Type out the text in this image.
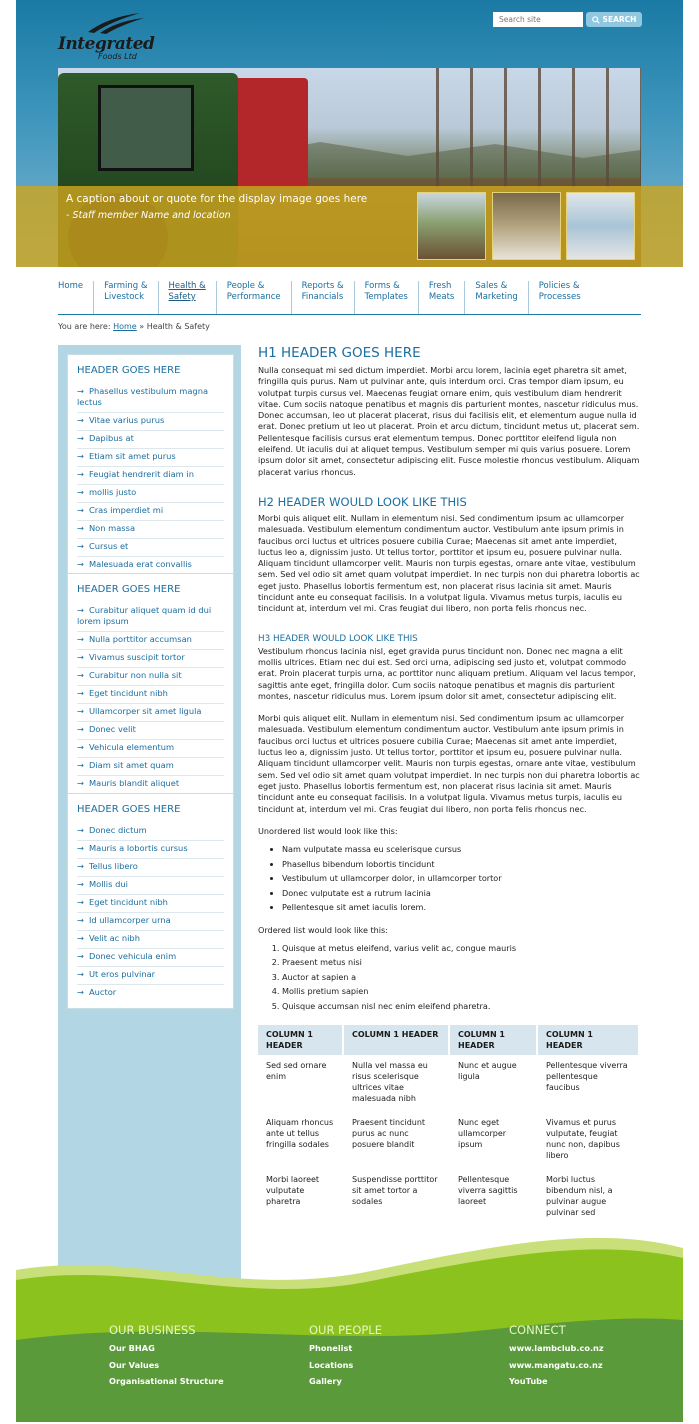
Integrated
Foods Ltd
Search site
SEARCH
A caption about or quote for the display image goes here
- Staff member Name and location
Home	Farming &
Livestock
Health &
Safety
People &
Performance
Reports &
Financials
Forms &
Templates
Fresh
Meats
Sales &
Marketing
Policies &
Processes
You are here: Home » Health & Safety
HEADER GOES HERE
→ Phasellus vestibulum magna lectus
→ Vitae varius purus
→ Dapibus at
→ Etiam sit amet purus
→ Feugiat hendrerit diam in
→ mollis justo
→ Cras imperdiet mi
→ Non massa
→ Cursus et
→ Malesuada erat convallis
HEADER GOES HERE
→ Curabitur aliquet quam id dui lorem ipsum
→ Nulla porttitor accumsan
→ Vivamus suscipit tortor
→ Curabitur non nulla sit
→ Eget tincidunt nibh
→ Ullamcorper sit amet ligula
→ Donec velit
→ Vehicula elementum
→ Diam sit amet quam
→ Mauris blandit aliquet
HEADER GOES HERE
→ Donec dictum
→ Mauris a lobortis cursus
→ Tellus libero
→ Mollis dui
→ Eget tincidunt nibh
→ Id ullamcorper urna
→ Velit ac nibh
→ Donec vehicula enim
→ Ut eros pulvinar
→ Auctor
H1 HEADER GOES HERE

Nulla consequat mi sed dictum imperdiet. Morbi arcu lorem, lacinia eget pharetra sit amet, fringilla quis purus. Nam ut pulvinar ante, quis interdum orci. Cras tempor diam ipsum, eu volutpat turpis cursus vel. Maecenas feugiat ornare enim, quis vestibulum diam hendrerit vitae. Cum sociis natoque penatibus et magnis dis parturient montes, nascetur ridiculus mus. Donec accumsan, leo ut placerat placerat, risus dui facilisis elit, et elementum augue nulla id erat. Donec pretium ut leo ut placerat. Proin et arcu dictum, tincidunt metus ut, placerat sem. Pellentesque facilisis cursus erat elementum tempus. Donec porttitor eleifend ligula non eleifend. Ut iaculis dui at aliquet tempus. Vestibulum semper mi quis varius posuere. Lorem ipsum dolor sit amet, consectetur adipiscing elit. Fusce molestie rhoncus vestibulum. Aliquam placerat varius rhoncus.

H2 HEADER WOULD LOOK LIKE THIS

Morbi quis aliquet elit. Nullam in elementum nisi. Sed condimentum ipsum ac ullamcorper malesuada. Vestibulum elementum condimentum auctor. Vestibulum ante ipsum primis in faucibus orci luctus et ultrices posuere cubilia Curae; Maecenas sit amet ante imperdiet, luctus leo a, dignissim justo. Ut tellus tortor, porttitor et ipsum eu, posuere pulvinar nulla. Aliquam tincidunt ullamcorper velit. Mauris non turpis egestas, ornare ante vitae, vestibulum sem. Sed vel odio sit amet quam volutpat imperdiet. In nec turpis non dui pharetra lobortis ac eget justo. Phasellus lobortis fermentum est, non placerat risus lacinia sit amet. Mauris tincidunt ante eu consequat facilisis. In a volutpat ligula. Vivamus metus turpis, iaculis eu tincidunt at, interdum vel mi. Cras feugiat dui libero, non porta felis rhoncus nec.

H3 HEADER WOULD LOOK LIKE THIS

Vestibulum rhoncus lacinia nisl, eget gravida purus tincidunt non. Donec nec magna a elit mollis ultrices. Etiam nec dui est. Sed orci urna, adipiscing sed justo et, volutpat commodo erat. Proin placerat turpis urna, ac porttitor nunc aliquam pretium. Aliquam vel lacus tempor, sagittis ante eget, fringilla dolor. Cum sociis natoque penatibus et magnis dis parturient montes, nascetur ridiculus mus. Lorem ipsum dolor sit amet, consectetur adipiscing elit.

Morbi quis aliquet elit. Nullam in elementum nisi. Sed condimentum ipsum ac ullamcorper malesuada. Vestibulum elementum condimentum auctor. Vestibulum ante ipsum primis in faucibus orci luctus et ultrices posuere cubilia Curae; Maecenas sit amet ante imperdiet, luctus leo a, dignissim justo. Ut tellus tortor, porttitor et ipsum eu, posuere pulvinar nulla. Aliquam tincidunt ullamcorper velit. Mauris non turpis egestas, ornare ante vitae, vestibulum sem. Sed vel odio sit amet quam volutpat imperdiet. In nec turpis non dui pharetra lobortis ac eget justo. Phasellus lobortis fermentum est, non placerat risus lacinia sit amet. Mauris tincidunt ante eu consequat facilisis. In a volutpat ligula. Vivamus metus turpis, iaculis eu tincidunt at, interdum vel mi. Cras feugiat dui libero, non porta felis rhoncus nec.

Unordered list would look like this:

• Nam vulputate massa eu scelerisque cursus
• Phasellus bibendum lobortis tincidunt
• Vestibulum ut ullamcorper dolor, in ullamcorper tortor
• Donec vulputate est a rutrum lacinia
• Pellentesque sit amet iaculis lorem.

Ordered list would look like this:

1. Quisque at metus eleifend, varius velit ac, congue mauris
2. Praesent metus nisi
3. Auctor at sapien a
4. Mollis pretium sapien
5. Quisque accumsan nisl nec enim eleifend pharetra.
COLUMN 1 HEADER	COLUMN 1 HEADER	COLUMN 1 HEADER	COLUMN 1 HEADER
Sed sed ornare enim	Nulla vel massa eu risus scelerisque ultrices vitae malesuada nibh	Nunc et augue ligula	Pellentesque viverra pellentesque faucibus
Aliquam rhoncus ante ut tellus fringilla sodales	Praesent tincidunt purus ac nunc posuere blandit	Nunc eget ullamcorper ipsum	Vivamus et purus vulputate, feugiat nunc non, dapibus libero
Morbi laoreet vulputate pharetra	Suspendisse porttitor sit amet tortor a sodales	Pellentesque viverra sagittis laoreet	Morbi luctus bibendum nisl, a pulvinar augue pulvinar sed
OUR BUSINESS
Our BHAG
Our Values
Organisational Structure
OUR PEOPLE
Phonelist
Locations
Gallery
CONNECT
www.lambclub.co.nz
www.mangatu.co.nz
YouTube
